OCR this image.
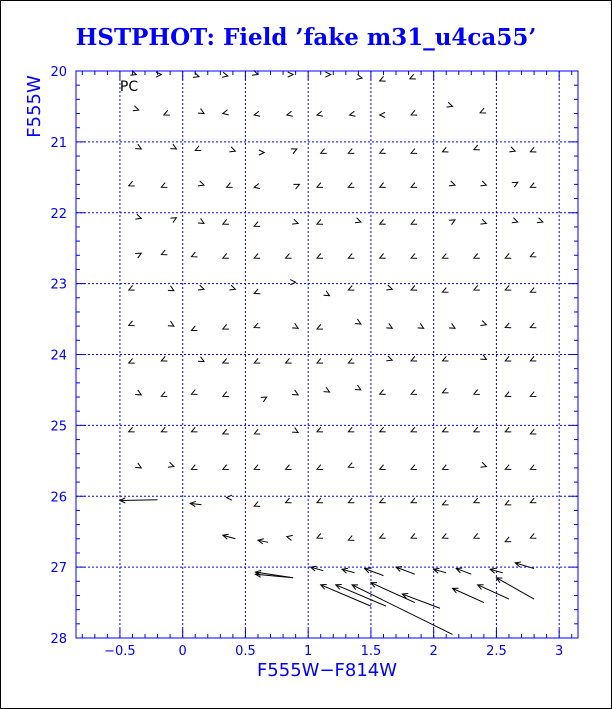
HSTPHOT: Field ’fake m31_u4ca55’
−0.5	0	0.5	1	1.5	2	2.5	3
20
21
22
23
24
25
26
27
28
PC
F555W−F814W
F555W
